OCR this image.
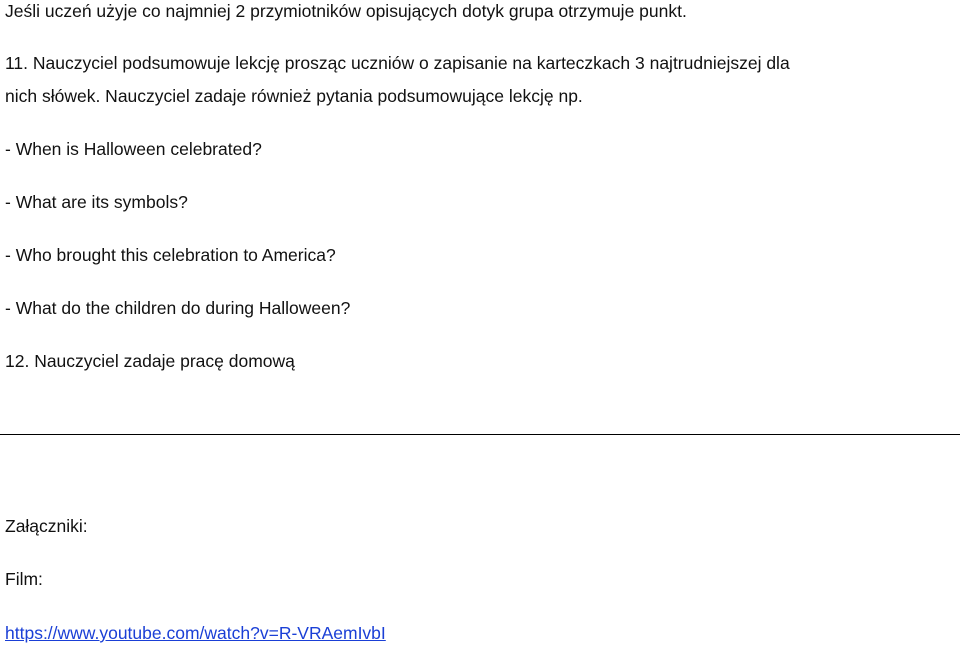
Jeśli uczeń użyje co najmniej 2 przymiotników opisujących dotyk grupa otrzymuje punkt.
11. Nauczyciel podsumowuje lekcję prosząc uczniów o zapisanie na karteczkach 3 najtrudniejszej dla
nich słówek. Nauczyciel zadaje również pytania podsumowujące lekcję np.
- When is Halloween celebrated?
- What are its symbols?
- Who brought this celebration to America?
- What do the children do during Halloween?
12. Nauczyciel zadaje pracę domową
Załączniki:
Film:
https://www.youtube.com/watch?v=R-VRAemIvbI
